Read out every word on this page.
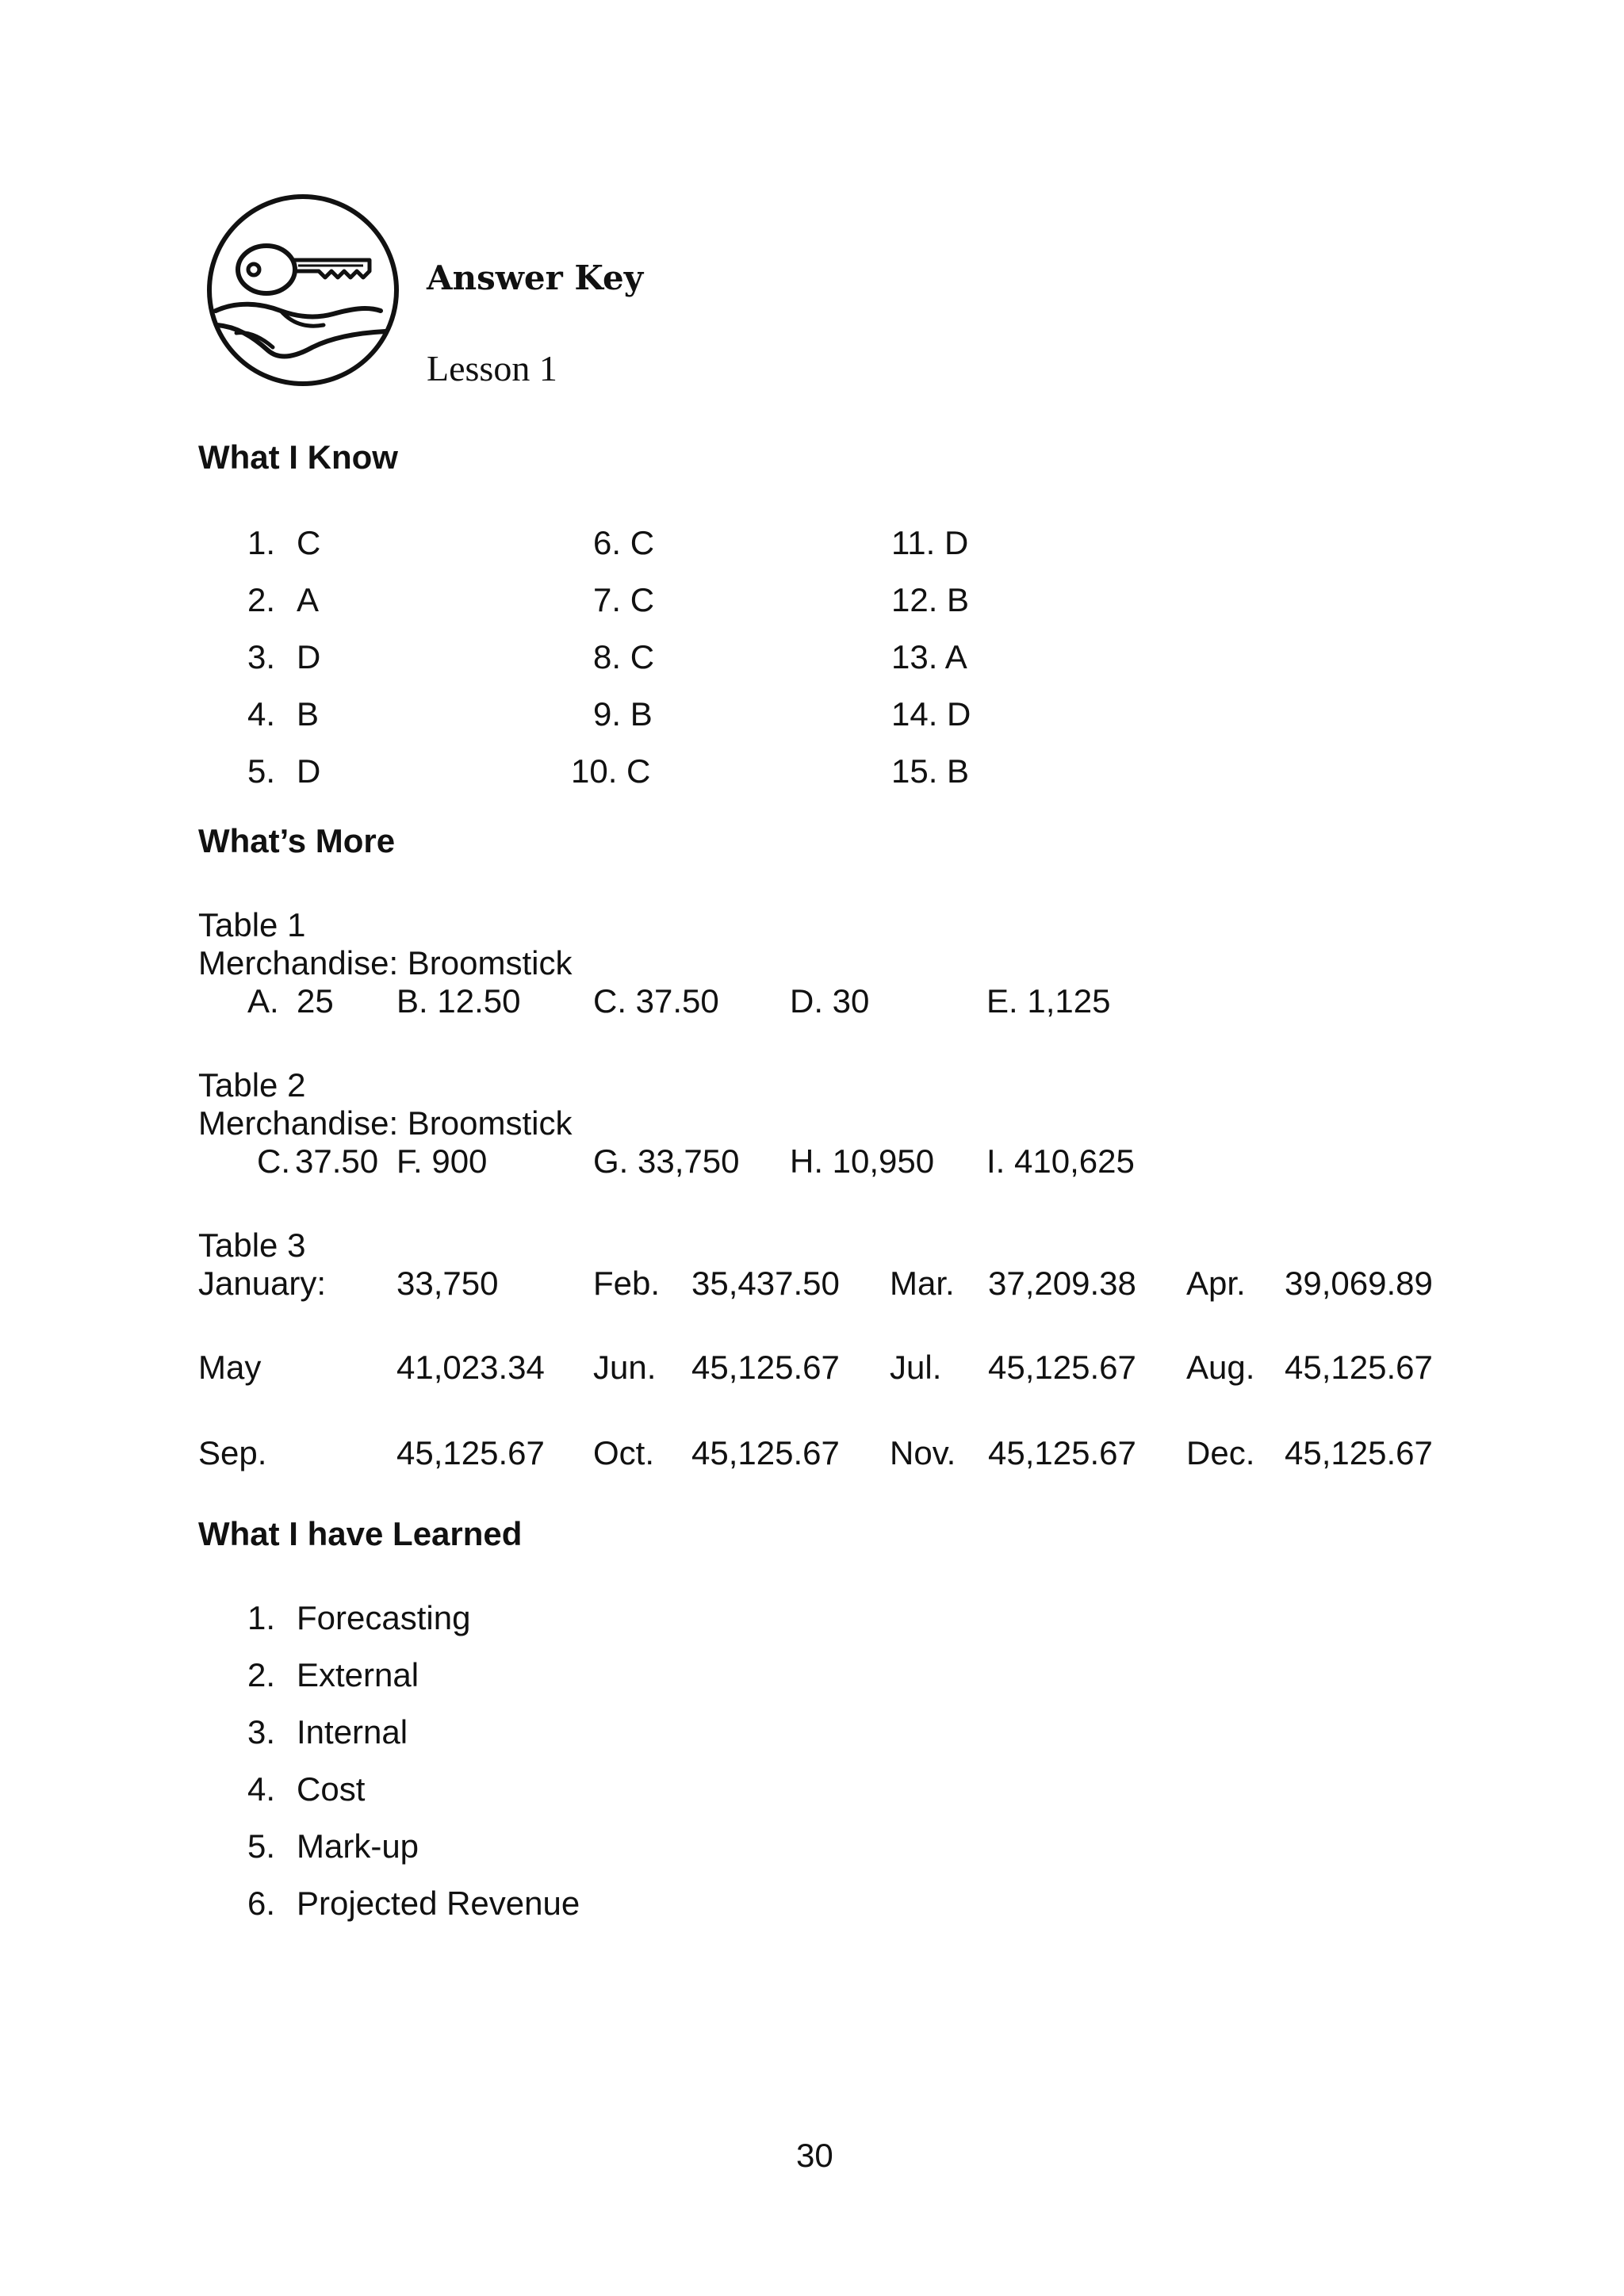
Answer Key
Lesson 1
What I Know
1. C
2. A
3. D
4. B
5. D
6. C
7. C
8. C
9. B
10. C
11. D
12. B
13. A
14. D
15. B
What’s More
Table 1
Merchandise: Broomstick
A. 25 B. 12.50 C. 37.50 D. 30	E. 1,125
Table 2
Merchandise: Broomstick
C. 37.50 F. 900	G. 33,750 H. 10,950 I. 410,625
Table 3
January: 33,750	Feb. 35,437.50 Mar. 37,209.38 Apr. 39,069.89
May	41,023.34 Jun. 45,125.67 Jul. 45,125.67 Aug. 45,125.67
Sep.	45,125.67 Oct. 45,125.67 Nov. 45,125.67 Dec. 45,125.67
What I have Learned
1. Forecasting
2. External
3. Internal
4. Cost
5. Mark-up
6. Projected Revenue
30
